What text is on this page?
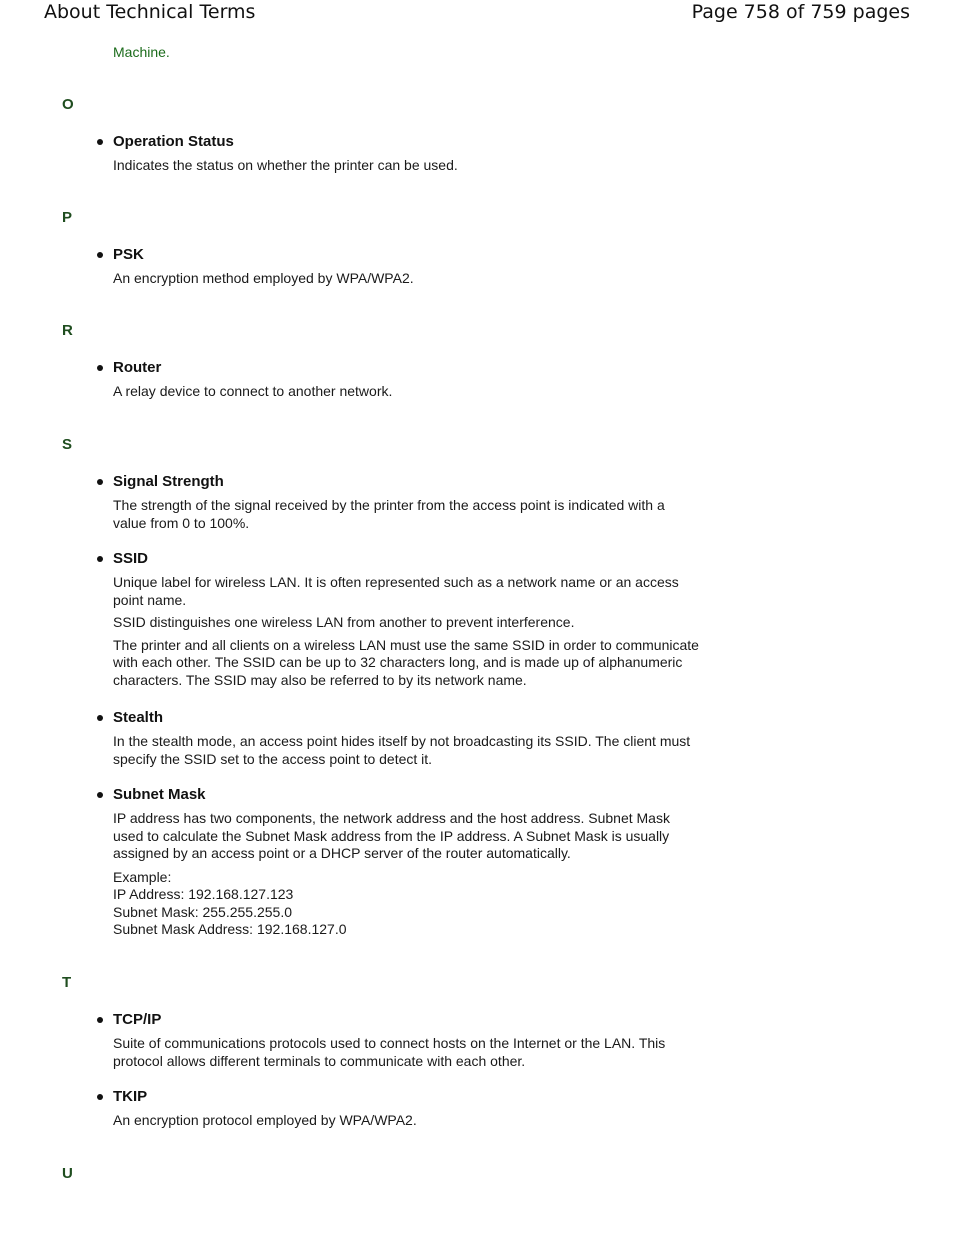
About Technical Terms	Page 758 of 759 pages
Machine.
O
Operation Status

Indicates the status on whether the printer can be used.

P
PSK

An encryption method employed by WPA/WPA2.

R
Router

A relay device to connect to another network.

S
Signal Strength

The strength of the signal received by the printer from the access point is indicated with a value from 0 to 100%.

SSID

Unique label for wireless LAN. It is often represented such as a network name or an access point name.

SSID distinguishes one wireless LAN from another to prevent interference.

The printer and all clients on a wireless LAN must use the same SSID in order to communicate with each other. The SSID can be up to 32 characters long, and is made up of alphanumeric characters. The SSID may also be referred to by its network name.

Stealth

In the stealth mode, an access point hides itself by not broadcasting its SSID. The client must specify the SSID set to the access point to detect it.

Subnet Mask

IP address has two components, the network address and the host address. Subnet Mask used to calculate the Subnet Mask address from the IP address. A Subnet Mask is usually assigned by an access point or a DHCP server of the router automatically.

Example:

IP Address: 192.168.127.123

Subnet Mask: 255.255.255.0

Subnet Mask Address: 192.168.127.0

T
TCP/IP

Suite of communications protocols used to connect hosts on the Internet or the LAN. This protocol allows different terminals to communicate with each other.

TKIP

An encryption protocol employed by WPA/WPA2.

U
